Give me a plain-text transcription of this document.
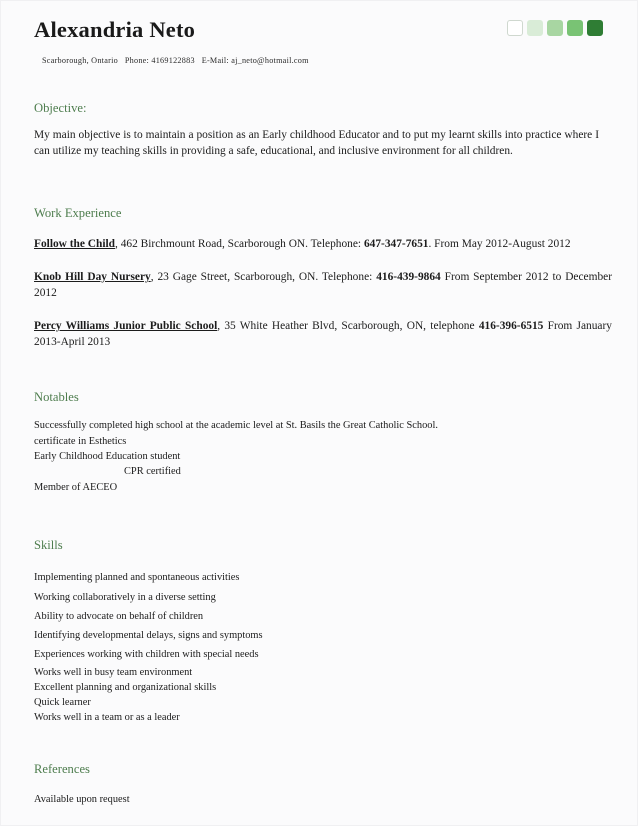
Alexandria Neto
Scarborough, Ontario   Phone: 4169122883   E-Mail: aj_neto@hotmail.com
Objective:

My main objective is to maintain a position as an Early childhood Educator and to put my learnt skills into practice where I can utilize my teaching skills in providing a safe, educational, and inclusive environment for all children.

Work Experience

Follow the Child, 462 Birchmount Road, Scarborough ON. Telephone: 647-347-7651. From May 2012-August 2012

Knob Hill Day Nursery, 23 Gage Street, Scarborough, ON. Telephone: 416-439-9864 From September 2012 to December 2012

Percy Williams Junior Public School, 35 White Heather Blvd, Scarborough, ON, telephone 416-396-6515 From January 2013-April 2013

Notables
Successfully completed high school at the academic level at St. Basils the Great Catholic School.
certificate in Esthetics
Early Childhood Education student
CPR certified
Member of AECEO
Skills
Implementing planned and spontaneous activities
Working collaboratively in a diverse setting
Ability to advocate on behalf of children
Identifying developmental delays, signs and symptoms
Experiences working with children with special needs
Works well in busy team environment
Excellent planning and organizational skills
Quick learner
Works well in a team or as a leader
References

Available upon request
